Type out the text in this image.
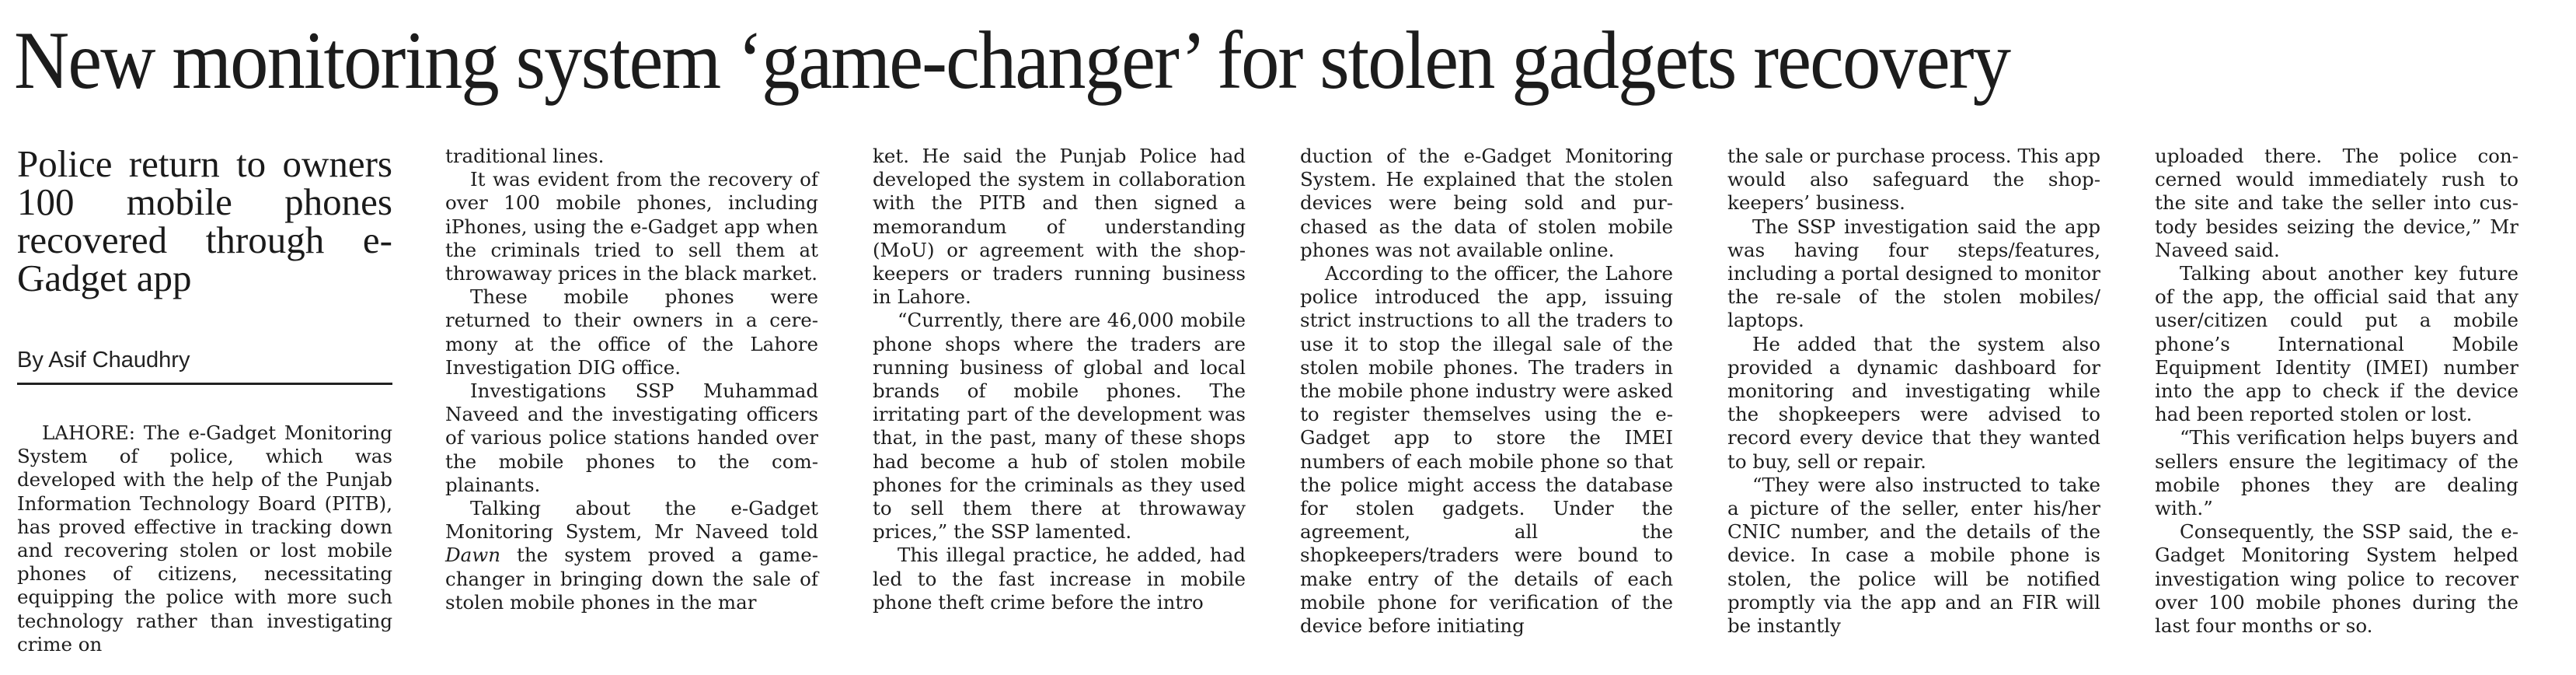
New monitoring system ‘game-changer’ for stolen gadgets recovery
Police return to owners 100 mobile phones recovered through e-Gadget app
By Asif Chaudhry

LAHORE: The e-Gadget Monitoring System of police, which was developed with the help of the Punjab Information Technology Board (PITB), has proved effective in tracking down and recovering stolen or lost mobile phones of citizens, necessitating equipping the police with more such technology rather than investigating crime on

traditional lines.

It was evident from the recovery of over 100 mobile phones, including iPhones, using the e-Gadget app when the criminals tried to sell them at throwaway prices in the black market.

These mobile phones were returned to their owners in a ceremony at the office of the Lahore Investigation DIG office.

Investigations SSP Muhammad Naveed and the investigating officers of various police stations handed over the mobile phones to the complainants.

Talking about the e-Gadget Monitoring System, Mr Naveed told Dawn the system proved a game-changer in bringing down the sale of stolen mobile phones in the mar

ket. He said the Punjab Police had developed the system in collaboration with the PITB and then signed a memorandum of understanding (MoU) or agreement with the shopkeepers or traders running business in Lahore.

“Currently, there are 46,000 mobile phone shops where the traders are running business of global and local brands of mobile phones. The irritating part of the development was that, in the past, many of these shops had become a hub of stolen mobile phones for the criminals as they used to sell them there at throwaway prices,” the SSP lamented.

This illegal practice, he added, had led to the fast increase in mobile phone theft crime before the intro

duction of the e-Gadget Monitoring System. He explained that the stolen devices were being sold and purchased as the data of stolen mobile phones was not available online.

According to the officer, the Lahore police introduced the app, issuing strict instructions to all the traders to use it to stop the illegal sale of the stolen mobile phones. The traders in the mobile phone industry were asked to register themselves using the e-Gadget app to store the IMEI numbers of each mobile phone so that the police might access the database for stolen gadgets. Under the agreement, all the shopkeepers/traders were bound to make entry of the details of each mobile phone for verification of the device before initiating

the sale or purchase process. This app would also safeguard the shopkeepers’ business.

The SSP investigation said the app was having four steps/features, including a portal designed to monitor the re-sale of the stolen mobiles/ laptops.

He added that the system also provided a dynamic dashboard for monitoring and investigating while the shopkeepers were advised to record every device that they wanted to buy, sell or repair.

“They were also instructed to take a picture of the seller, enter his/her CNIC number, and the details of the device. In case a mobile phone is stolen, the police will be notified promptly via the app and an FIR will be instantly

uploaded there. The police concerned would immediately rush to the site and take the seller into custody besides seizing the device,” Mr Naveed said.

Talking about another key future of the app, the official said that any user/citizen could put a mobile phone’s International Mobile Equipment Identity (IMEI) number into the app to check if the device had been reported stolen or lost.

“This verification helps buyers and sellers ensure the legitimacy of the mobile phones they are dealing with.”

Consequently, the SSP said, the e-Gadget Monitoring System helped investigation wing police to recover over 100 mobile phones during the last four months or so.
